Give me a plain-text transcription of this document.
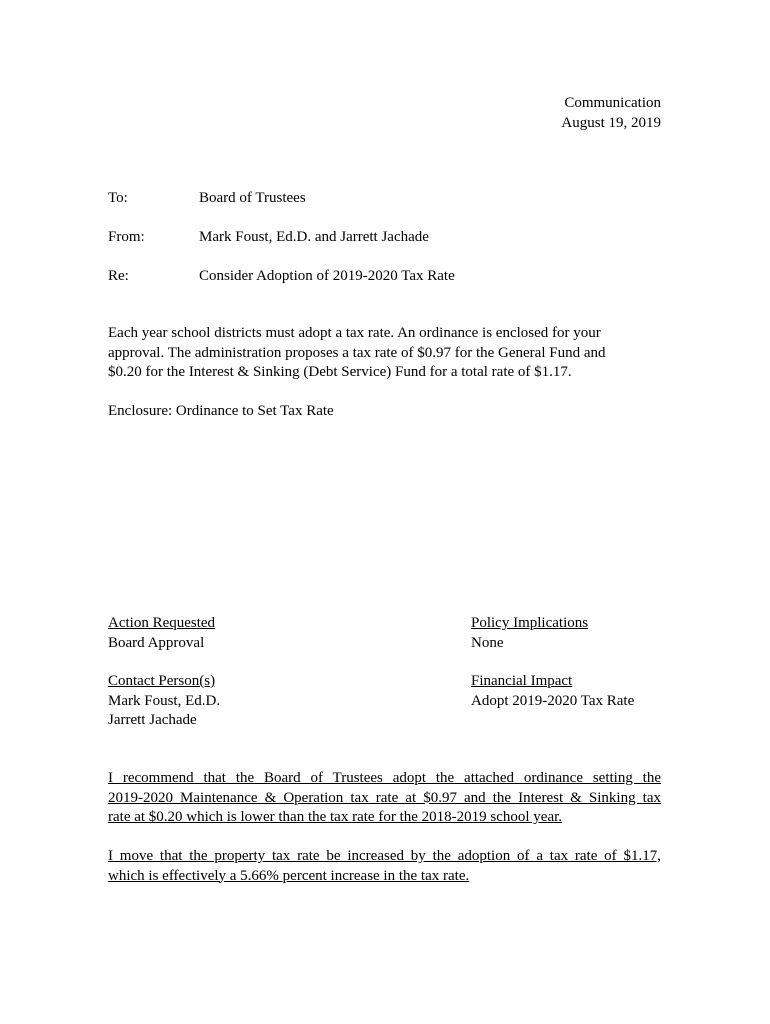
Communication
August 19, 2019
To:	Board of Trustees
From:	Mark Foust, Ed.D. and Jarrett Jachade
Re:	Consider Adoption of 2019-2020 Tax Rate
Each year school districts must adopt a tax rate. An ordinance is enclosed for your
approval. The administration proposes a tax rate of $0.97 for the General Fund and
$0.20 for the Interest & Sinking (Debt Service) Fund for a total rate of $1.17.
Enclosure: Ordinance to Set Tax Rate
Action Requested
Board Approval
Policy Implications
None
Contact Person(s)
Mark Foust, Ed.D.
Jarrett Jachade
Financial Impact
Adopt 2019-2020 Tax Rate
I recommend that the Board of Trustees adopt the attached ordinance setting the
2019-2020 Maintenance & Operation tax rate at $0.97 and the Interest & Sinking tax
rate at $0.20 which is lower than the tax rate for the 2018-2019 school year.
I move that the property tax rate be increased by the adoption of a tax rate of $1.17,
which is effectively a 5.66% percent increase in the tax rate.
